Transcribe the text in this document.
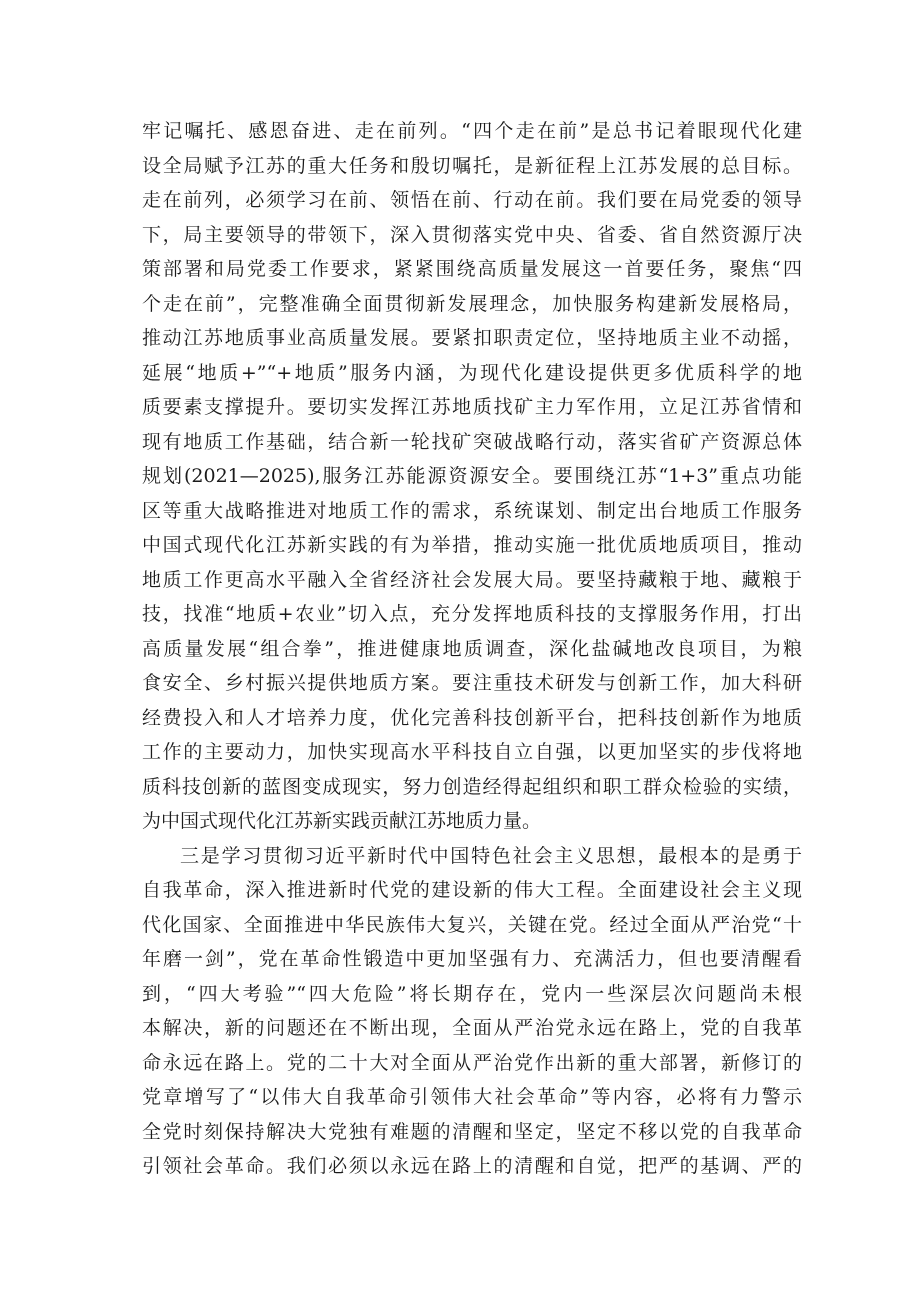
牢记嘱托、感恩奋进、走在前列。“四个走在前”是总书记着眼现代化建
设全局赋予江苏的重大任务和殷切嘱托，是新征程上江苏发展的总目标。
走在前列，必须学习在前、领悟在前、行动在前。我们要在局党委的领导
下，局主要领导的带领下，深入贯彻落实党中央、省委、省自然资源厅决
策部署和局党委工作要求，紧紧围绕高质量发展这一首要任务，聚焦“四
个走在前”，完整准确全面贯彻新发展理念，加快服务构建新发展格局，
推动江苏地质事业高质量发展。要紧扣职责定位，坚持地质主业不动摇，
延展“地质+”“+地质”服务内涵，为现代化建设提供更多优质科学的地
质要素支撑提升。要切实发挥江苏地质找矿主力军作用，立足江苏省情和
现有地质工作基础，结合新一轮找矿突破战略行动，落实省矿产资源总体
规划(2021—2025),服务江苏能源资源安全。要围绕江苏“1+3”重点功能
区等重大战略推进对地质工作的需求，系统谋划、制定出台地质工作服务
中国式现代化江苏新实践的有为举措，推动实施一批优质地质项目，推动
地质工作更高水平融入全省经济社会发展大局。要坚持藏粮于地、藏粮于
技，找准“地质+农业”切入点，充分发挥地质科技的支撑服务作用，打出
高质量发展“组合拳”，推进健康地质调查，深化盐碱地改良项目，为粮
食安全、乡村振兴提供地质方案。要注重技术研发与创新工作，加大科研
经费投入和人才培养力度，优化完善科技创新平台，把科技创新作为地质
工作的主要动力，加快实现高水平科技自立自强，以更加坚实的步伐将地
质科技创新的蓝图变成现实，努力创造经得起组织和职工群众检验的实绩，
为中国式现代化江苏新实践贡献江苏地质力量。
三是学习贯彻习近平新时代中国特色社会主义思想，最根本的是勇于
自我革命，深入推进新时代党的建设新的伟大工程。全面建设社会主义现
代化国家、全面推进中华民族伟大复兴，关键在党。经过全面从严治党“十
年磨一剑”，党在革命性锻造中更加坚强有力、充满活力，但也要清醒看
到，“四大考验”“四大危险”将长期存在，党内一些深层次问题尚未根
本解决，新的问题还在不断出现，全面从严治党永远在路上，党的自我革
命永远在路上。党的二十大对全面从严治党作出新的重大部署，新修订的
党章增写了“以伟大自我革命引领伟大社会革命”等内容，必将有力警示
全党时刻保持解决大党独有难题的清醒和坚定，坚定不移以党的自我革命
引领社会革命。我们必须以永远在路上的清醒和自觉，把严的基调、严的
